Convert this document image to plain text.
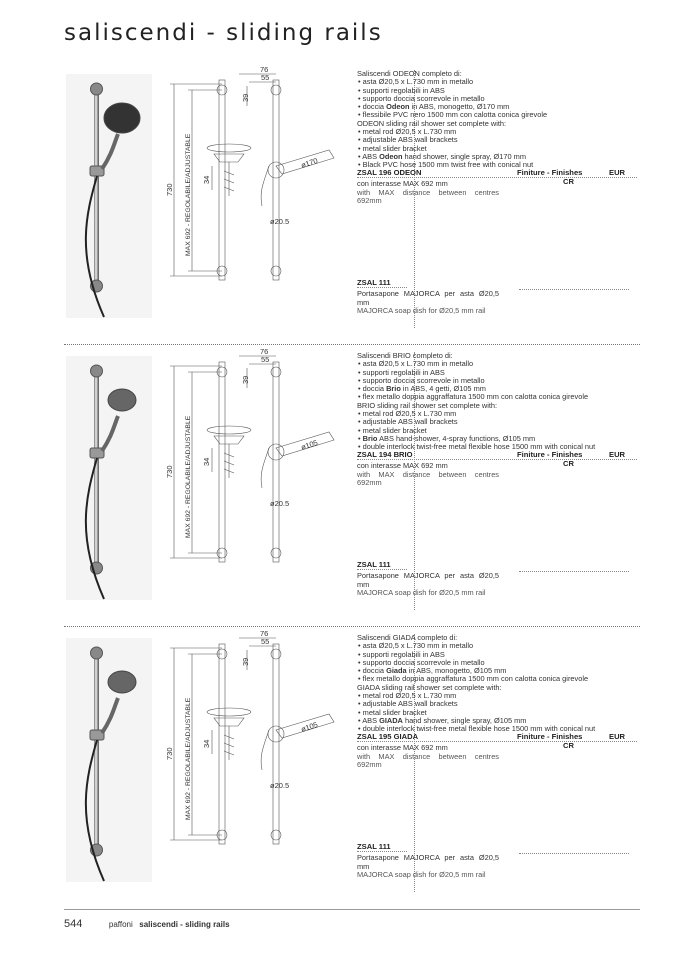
saliscendi - sliding rails
76
55
39
34
ø20.5
ø170
730 MAX 692 - REGOLABILE/ADJUSTABLE
Saliscendi ODEON completo di:
• asta Ø20,5 x L.730 mm in metallo
• supporti regolabili in ABS
• supporto doccia scorrevole in metallo
• doccia Odeon in ABS, monogetto, Ø170 mm
• flessibile PVC nero 1500 mm con calotta conica girevole
ODEON sliding rail shower set complete with:
• metal rod Ø20,5 x L.730 mm
• adjustable ABS wall brackets
• metal slider bracket
• ABS Odeon hand shower, single spray, Ø170 mm
• Black PVC hose 1500 mm twist free with conical nut
ZSAL 196 ODEON	Finiture - Finishes	EUR
CR
con interasse MAX 692 mm
with MAX distance between centres 692mm
ZSAL 111
Portasapone MAJORCA per asta Ø20,5 mm
MAJORCA soap dish for Ø20,5 mm rail
76
55
39
34
ø20.5
ø105
730 MAX 692 - REGOLABILE/ADJUSTABLE
Saliscendi BRIO completo di:
• asta Ø20,5 x L.730 mm in metallo
• supporti regolabili in ABS
• supporto doccia scorrevole in metallo
• doccia Brio in ABS, 4 getti, Ø105 mm
• flex metallo doppia aggraffatura 1500 mm con calotta conica girevole
BRIO sliding rail shower set complete with:
• metal rod Ø20,5 x L.730 mm
• adjustable ABS wall brackets
• metal slider bracket
• Brio ABS hand-shower, 4-spray functions, Ø105 mm
• double interlock twist-free metal flexible hose 1500 mm with conical nut
ZSAL 194 BRIO	Finiture - Finishes	EUR
CR
con interasse MAX 692 mm
with MAX distance between centres 692mm
ZSAL 111
Portasapone MAJORCA per asta Ø20,5 mm
MAJORCA soap dish for Ø20,5 mm rail
76
55
39
34
ø20.5
ø105
730 MAX 692 - REGOLABILE/ADJUSTABLE
Saliscendi GIADA completo di:
• asta Ø20,5 x L.730 mm in metallo
• supporti regolabili in ABS
• supporto doccia scorrevole in metallo
• doccia Giada in ABS, monogetto, Ø105 mm
• flex metallo doppia aggraffatura 1500 mm con calotta conica girevole
GIADA sliding rail shower set complete with:
• metal rod Ø20,5 x L.730 mm
• adjustable ABS wall brackets
• metal slider bracket
• ABS GIADA hand shower, single spray, Ø105 mm
• double interlock twist-free metal flexible hose 1500 mm with conical nut
ZSAL 195 GIADA	Finiture - Finishes	EUR
CR
con interasse MAX 692 mm
with MAX distance between centres 692mm
ZSAL 111
Portasapone MAJORCA per asta Ø20,5 mm
MAJORCA soap dish for Ø20,5 mm rail
544	paffoni saliscendi - sliding rails
